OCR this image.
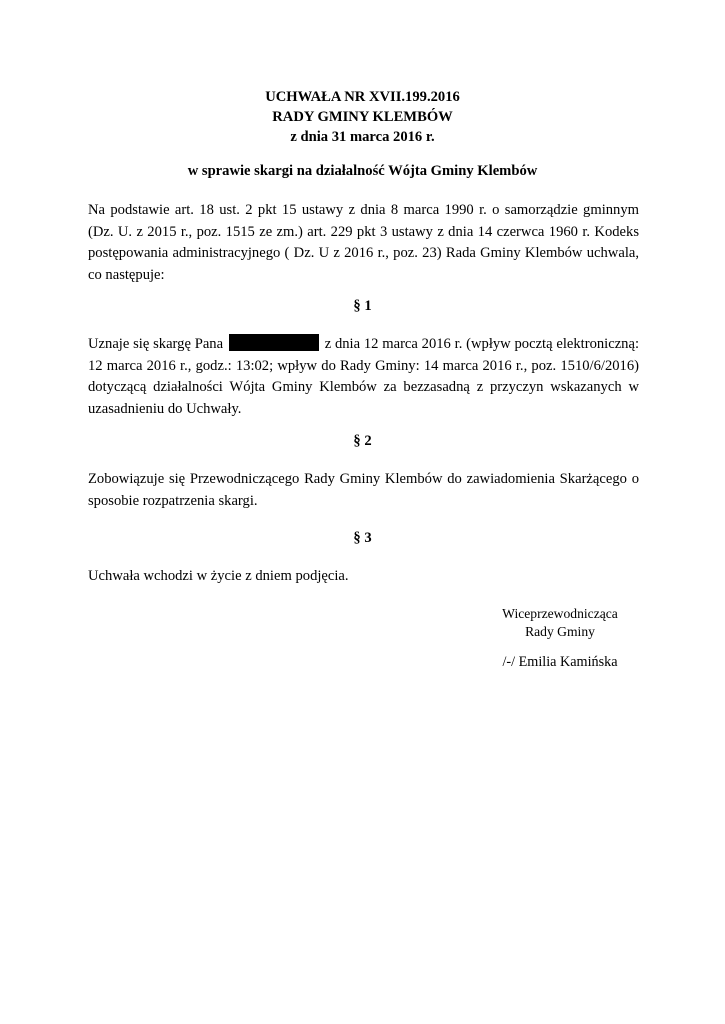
UCHWAŁA NR XVII.199.2016
RADY GMINY KLEMBÓW
z dnia 31 marca 2016 r.
w sprawie skargi na działalność Wójta Gminy Klembów
Na podstawie art. 18 ust. 2 pkt 15 ustawy z dnia 8 marca 1990 r. o samorządzie gminnym (Dz. U. z 2015 r., poz. 1515 ze zm.) art. 229 pkt 3 ustawy z dnia 14 czerwca 1960 r. Kodeks postępowania administracyjnego ( Dz. U z 2016 r., poz. 23) Rada Gminy Klembów uchwala, co następuje:
§ 1
Uznaje się skargę Pana	z dnia 12 marca 2016 r. (wpływ pocztą elektroniczną: 12 marca 2016 r., godz.: 13:02; wpływ do Rady Gminy: 14 marca 2016 r., poz. 1510/6/2016) dotyczącą działalności Wójta Gminy Klembów za bezzasadną z przyczyn wskazanych w uzasadnieniu do Uchwały.
§ 2
Zobowiązuje się Przewodniczącego Rady Gminy Klembów do zawiadomienia Skarżącego o sposobie rozpatrzenia skargi.
§ 3
Uchwała wchodzi w życie z dniem podjęcia.
Wiceprzewodnicząca
Rady Gminy
/-/ Emilia Kamińska
